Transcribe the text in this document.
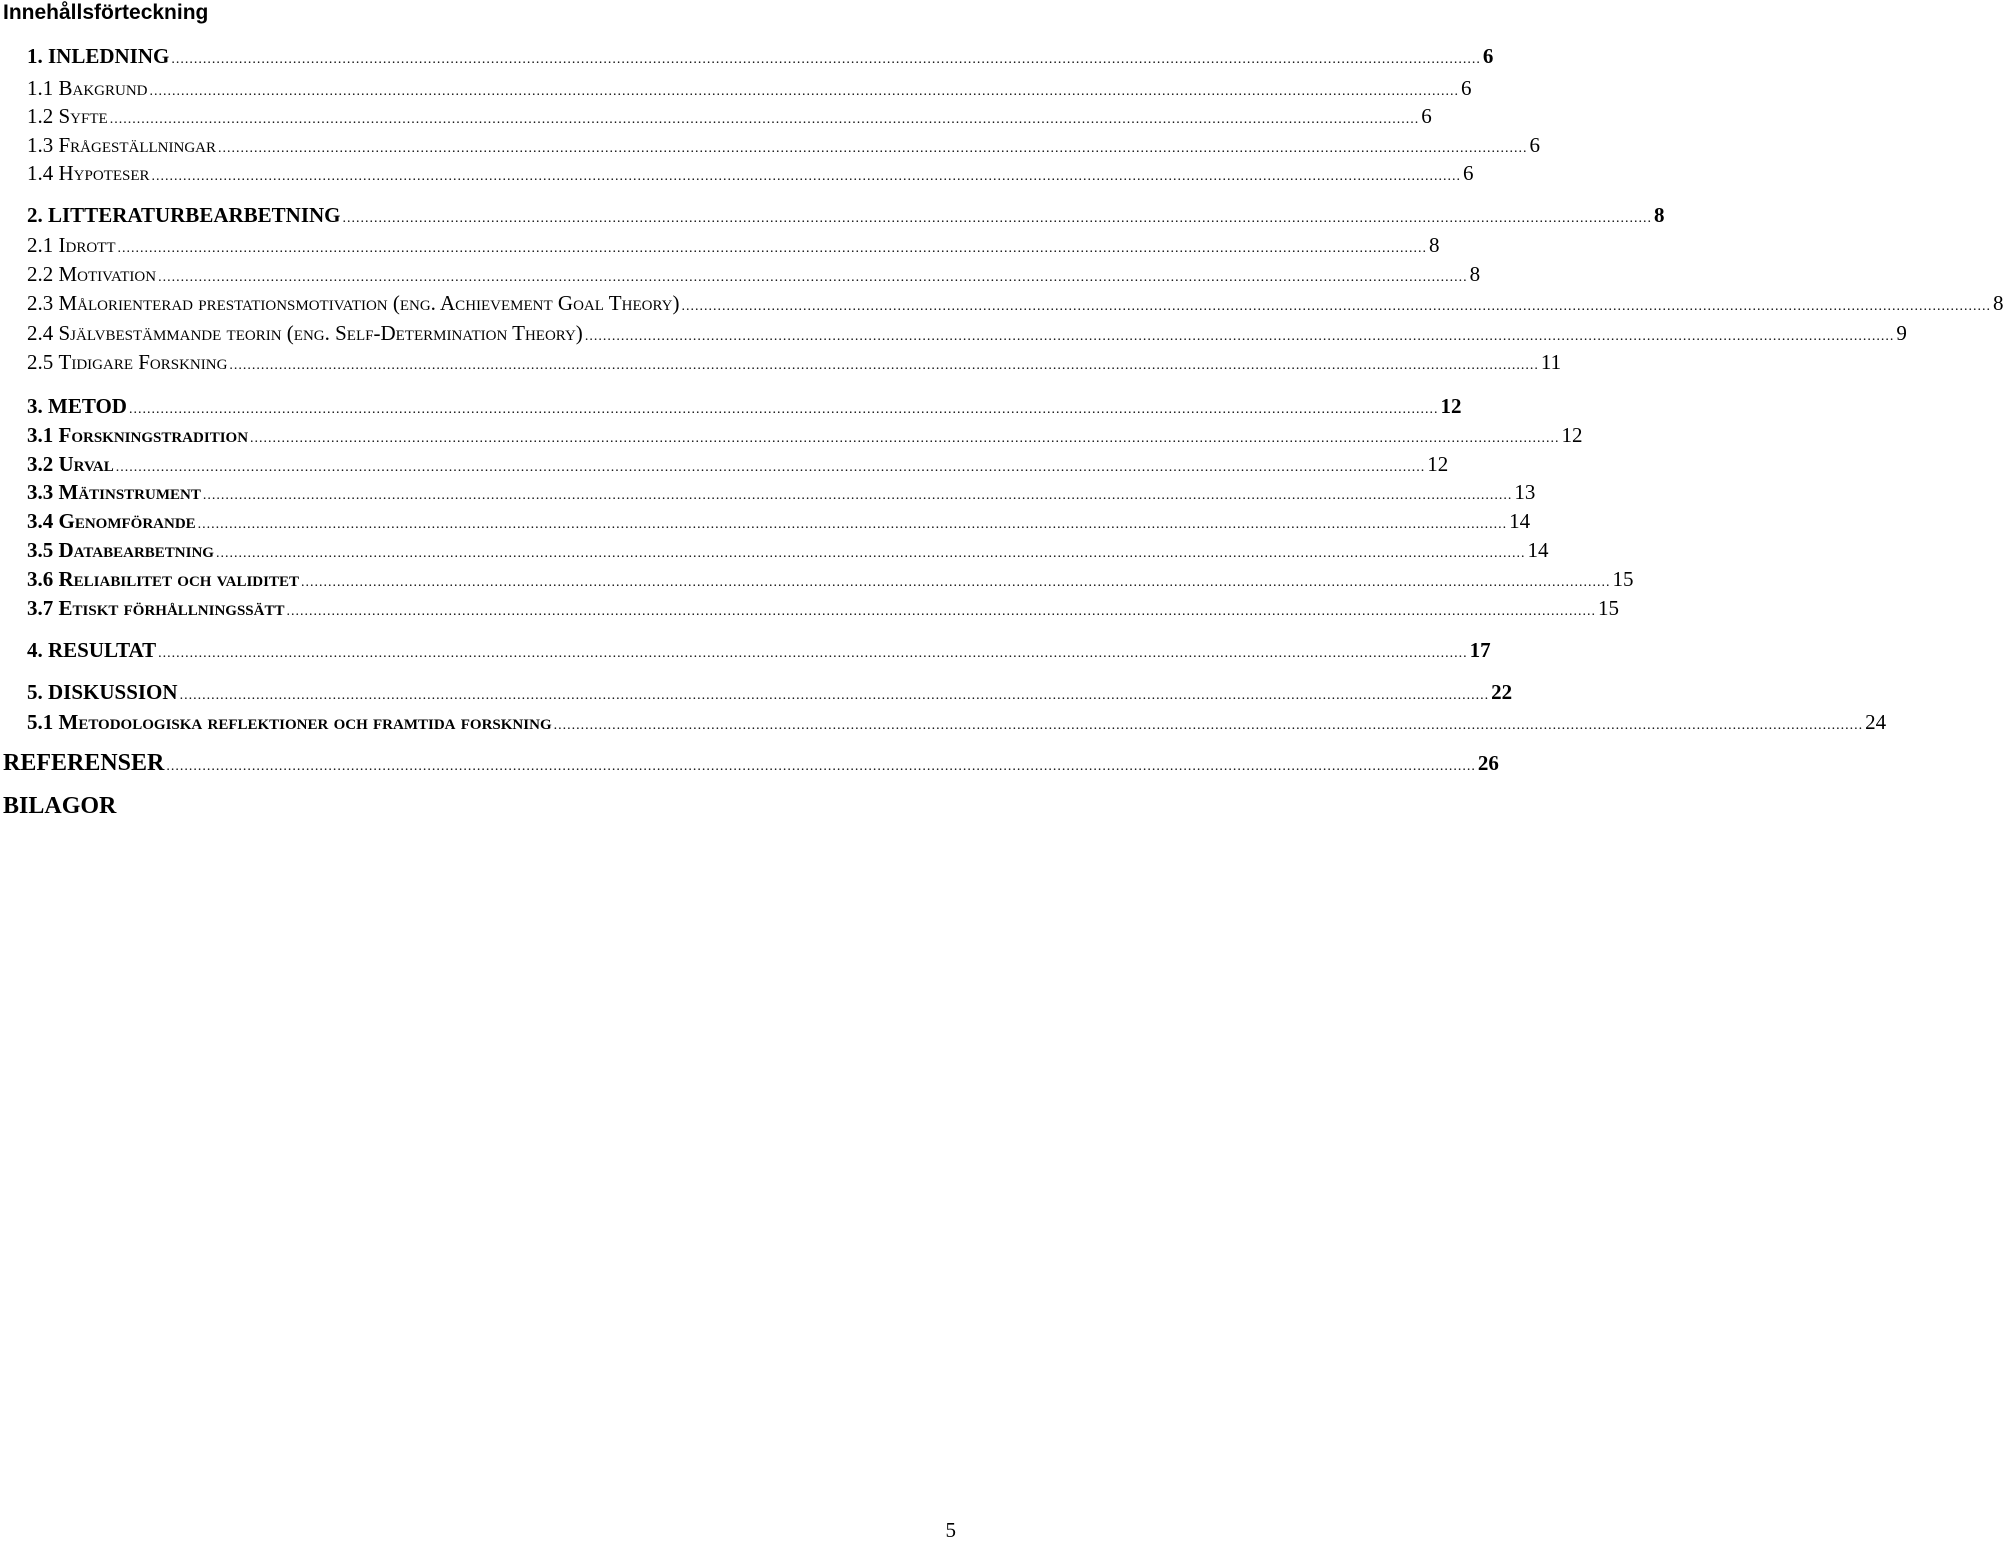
Innehållsförteckning
1. INLEDNING .....	6
1.1 Bakgrund .....	6
1.2 Syfte .....	6
1.3 Frågeställningar .....	6
1.4 Hypoteser .....	6
2. LITTERATURBEARBETNING .....	8
2.1 Idrott .....	8
2.2 Motivation .....	8
2.3 Målorienterad prestationsmotivation (eng. Achievement Goal Theory) .....	8
2.4 Självbestämmande teorin (eng. Self-Determination Theory) .....	9
2.5 Tidigare Forskning .....	11
3. METOD .....	12
3.1 Forskningstradition .....	12
3.2 Urval .....	12
3.3 Mätinstrument .....	13
3.4 Genomförande .....	14
3.5 Databearbetning .....	14
3.6 Reliabilitet och validitet .....	15
3.7 Etiskt förhållningssätt .....	15
4. RESULTAT .....	17
5. DISKUSSION .....	22
5.1 Metodologiska reflektioner och framtida forskning .....	24
REFERENSER .....	26
BILAGOR
5
